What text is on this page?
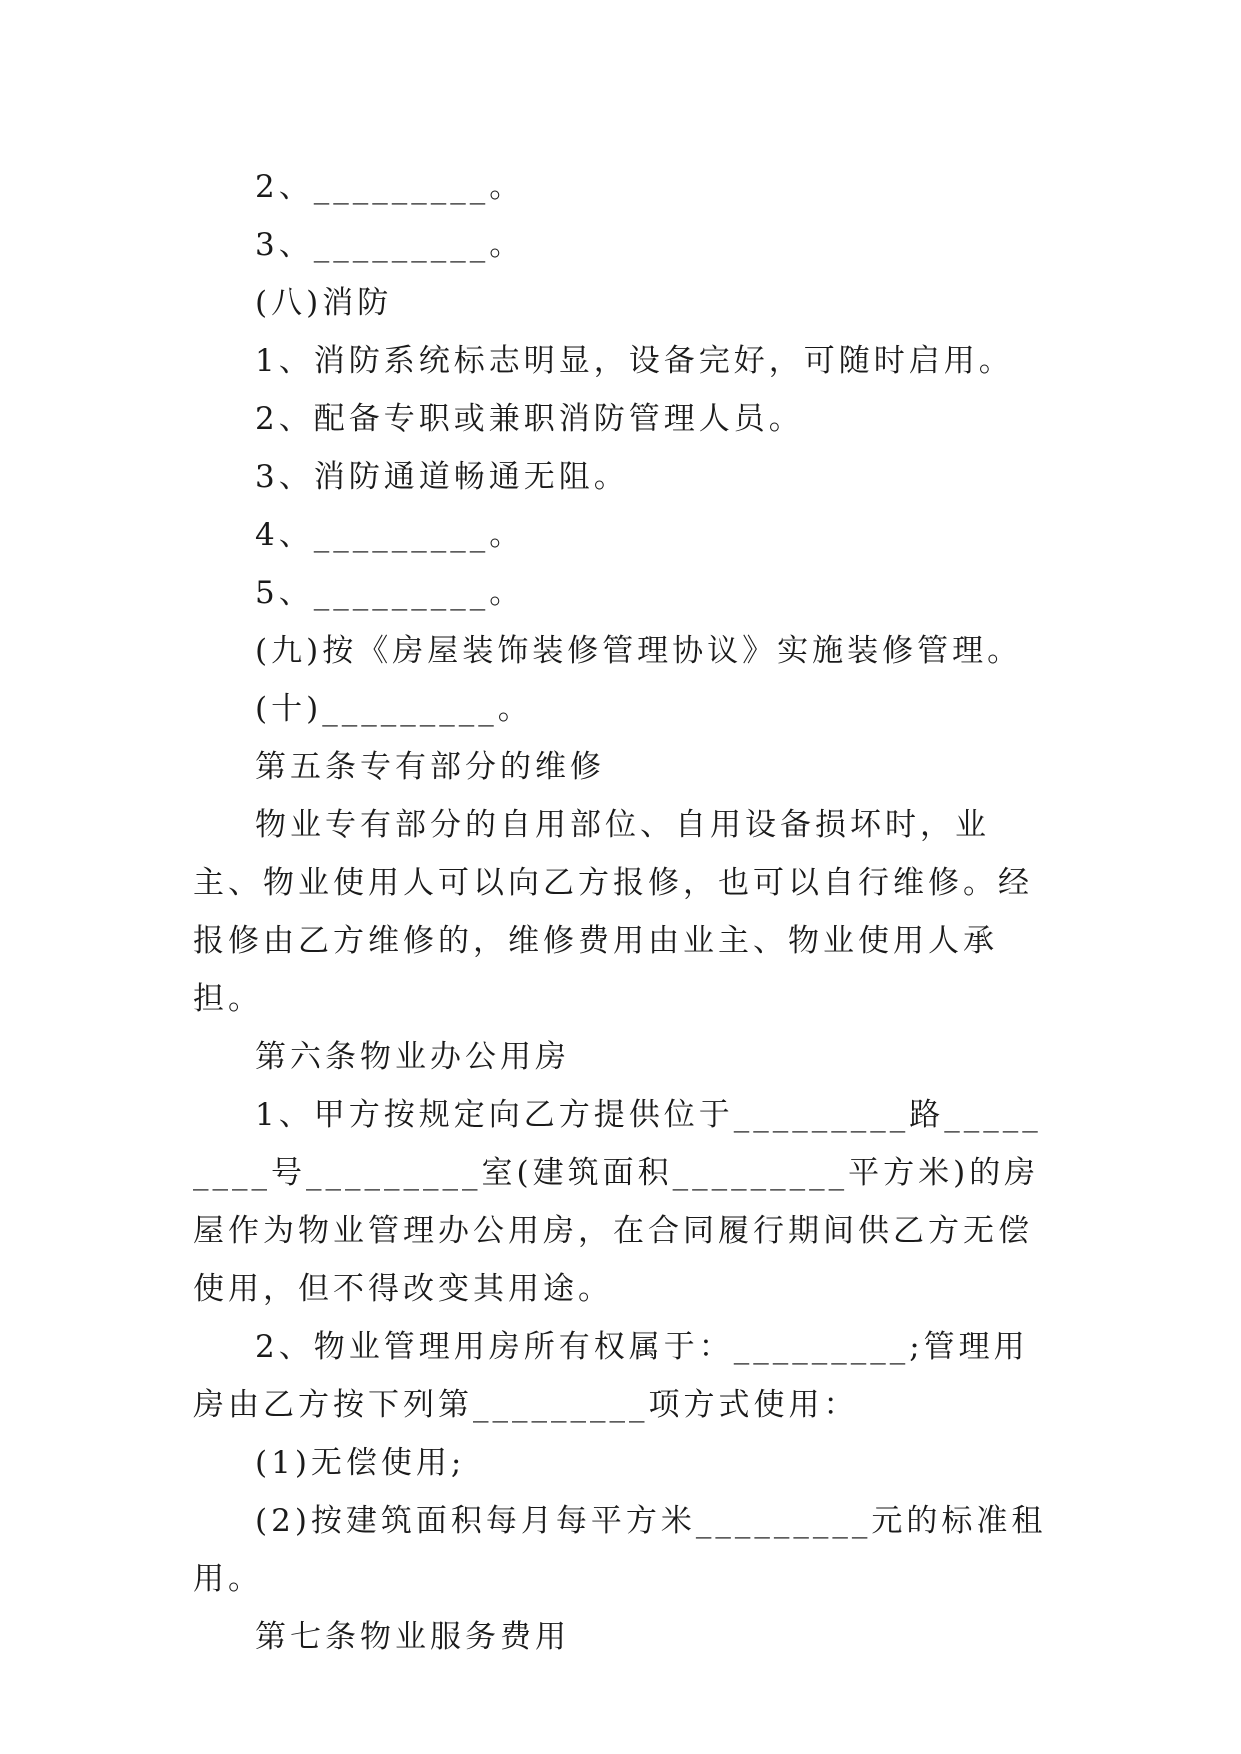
2、_________。

3、_________。

(八)消防

1、消防系统标志明显，设备完好，可随时启用。

2、配备专职或兼职消防管理人员。

3、消防通道畅通无阻。

4、_________。

5、_________。

(九)按《房屋装饰装修管理协议》实施装修管理。

(十)_________。

第五条专有部分的维修

物业专有部分的自用部位、自用设备损坏时，业主、物业使用人可以向乙方报修，也可以自行维修。经报修由乙方维修的，维修费用由业主、物业使用人承担。

第六条物业办公用房

1、甲方按规定向乙方提供位于_________路_________号_________室(建筑面积_________平方米)的房屋作为物业管理办公用房，在合同履行期间供乙方无偿使用，但不得改变其用途。

2、物业管理用房所有权属于：_________;管理用房由乙方按下列第_________项方式使用：

(1)无偿使用;

(2)按建筑面积每月每平方米_________元的标准租用。

第七条物业服务费用
